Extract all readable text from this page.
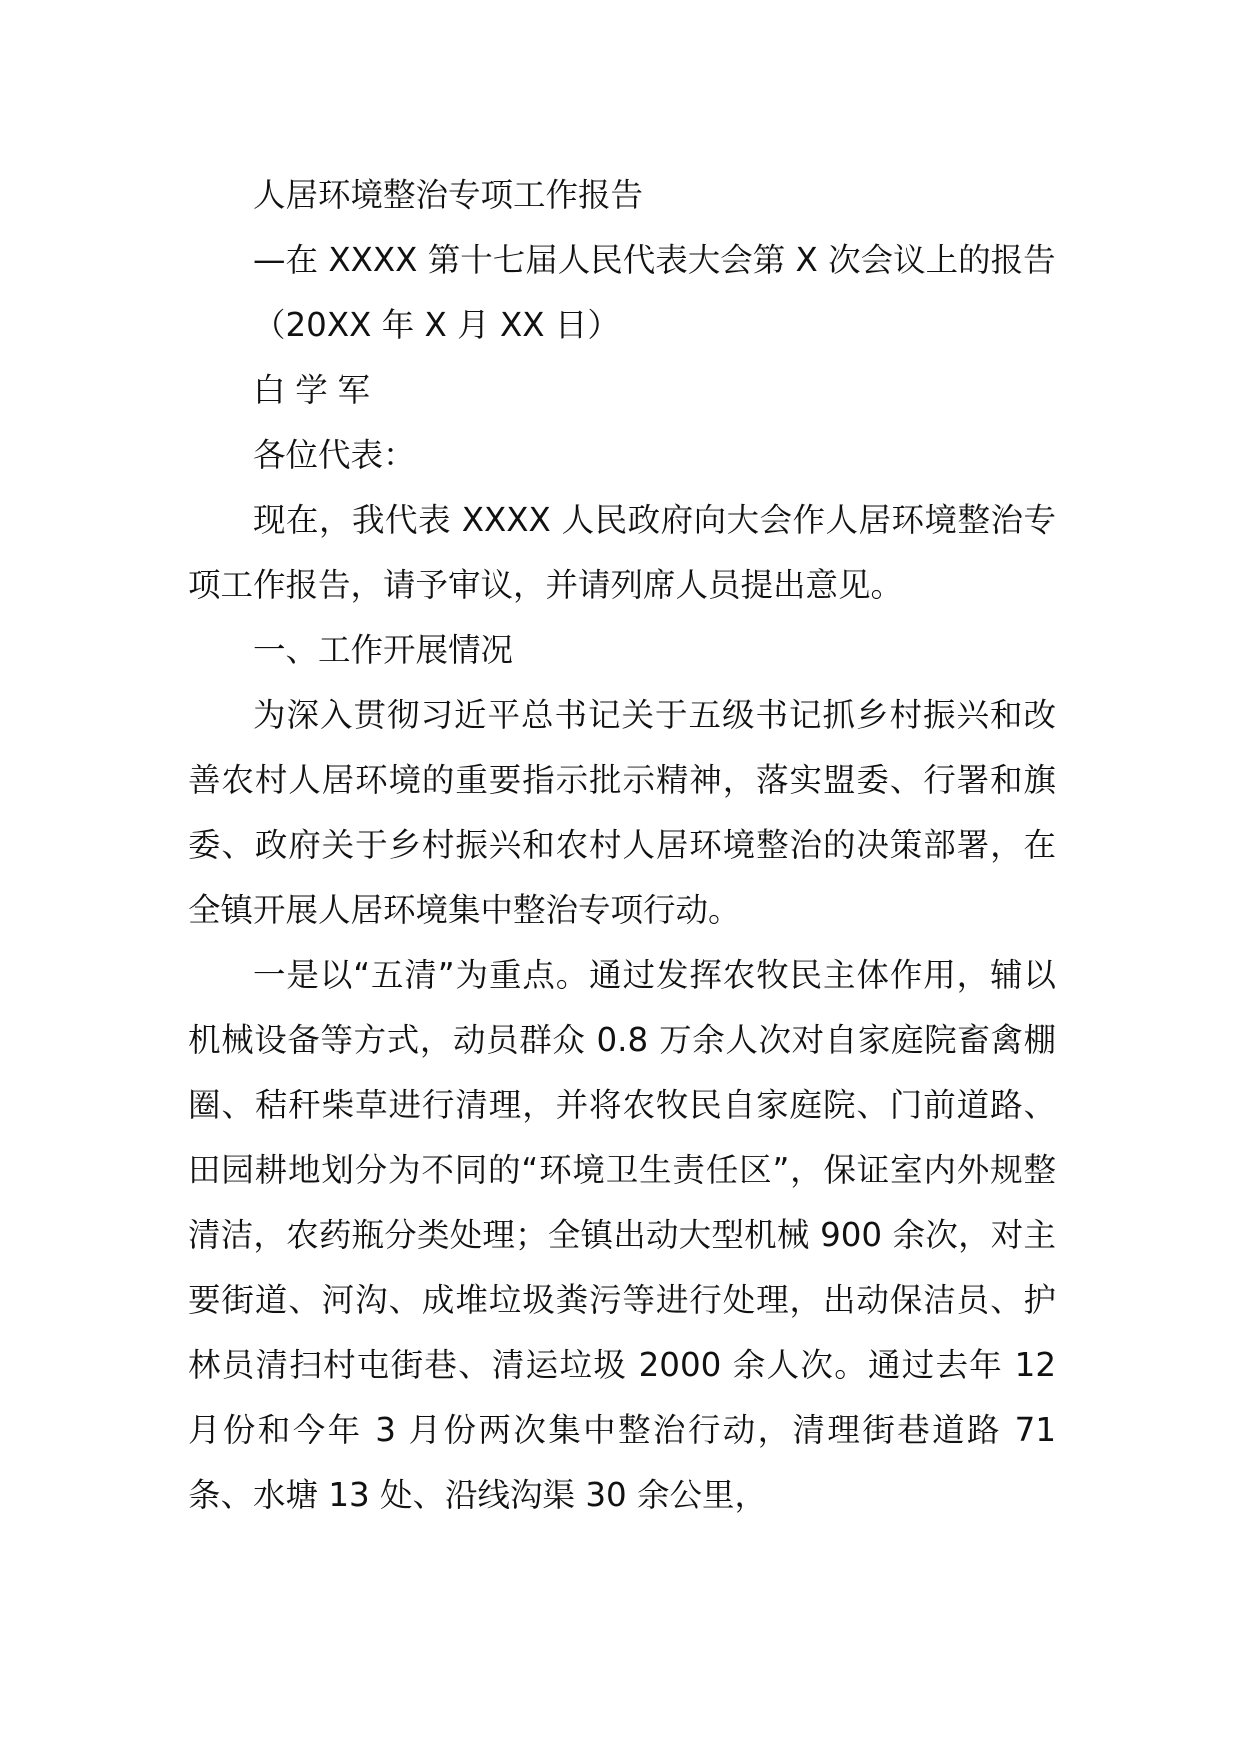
人居环境整治专项工作报告

—在 XXXX 第十七届人民代表大会第 X 次会议上的报告

（20XX 年 X 月 XX 日）

白学军

各位代表：

现在，我代表 XXXX 人民政府向大会作人居环境整治专项工作报告，请予审议，并请列席人员提出意见。

一、工作开展情况

为深入贯彻习近平总书记关于五级书记抓乡村振兴和改善农村人居环境的重要指示批示精神，落实盟委、行署和旗委、政府关于乡村振兴和农村人居环境整治的决策部署，在全镇开展人居环境集中整治专项行动。

一是以“五清”为重点。通过发挥农牧民主体作用，辅以机械设备等方式，动员群众 0.8 万余人次对自家庭院畜禽棚圈、秸秆柴草进行清理，并将农牧民自家庭院、门前道路、田园耕地划分为不同的“环境卫生责任区”，保证室内外规整清洁，农药瓶分类处理；全镇出动大型机械 900 余次，对主要街道、河沟、成堆垃圾粪污等进行处理，出动保洁员、护林员清扫村屯街巷、清运垃圾 2000 余人次。通过去年 12 月份和今年 3 月份两次集中整治行动，清理街巷道路 71 条、水塘 13 处、沿线沟渠 30 余公里，
